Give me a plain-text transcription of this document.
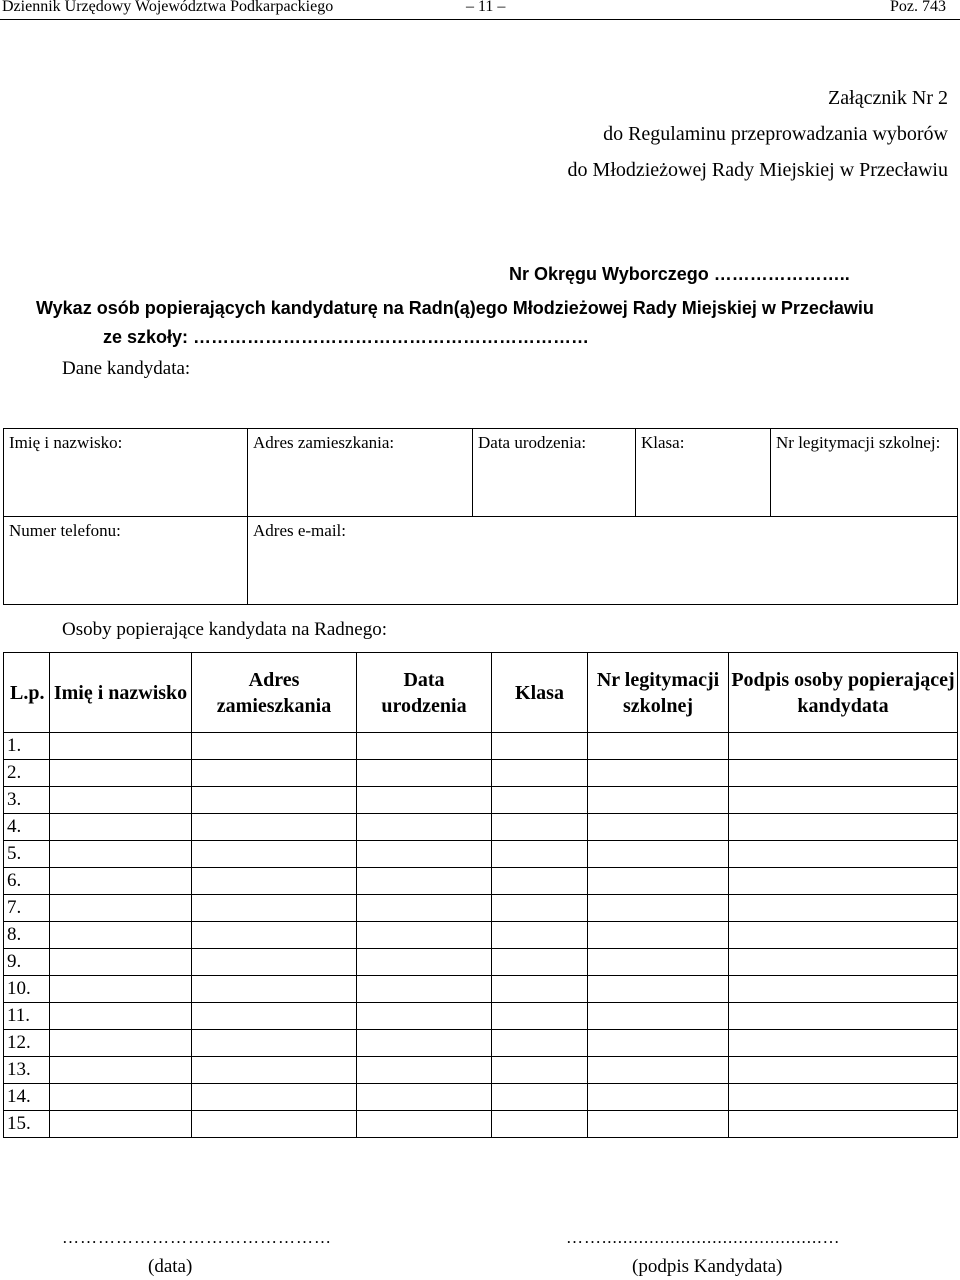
Dziennik Urzędowy Województwa Podkarpackiego	– 11 –	Poz. 743
Załącznik Nr 2
do Regulaminu przeprowadzania wyborów
do Młodzieżowej Rady Miejskiej w Przecławiu
Nr Okręgu Wyborczego …………………..
Wykaz osób popierających kandydaturę na Radn(ą)ego Młodzieżowej Rady Miejskiej w Przecławiu
ze szkoły: …………………………………………………………
Dane kandydata:
Imię i nazwisko:	Adres zamieszkania:	Data urodzenia:	Klasa:	Nr legitymacji szkolnej:
Numer telefonu:	Adres e-mail:			
Osoby popierające kandydata na Radnego:
L.p.	Imię i nazwisko	Adres zamieszkania	Data urodzenia	Klasa	Nr legitymacji szkolnej	Podpis osoby popierającej kandydata
1.						
2.						
3.						
4.						
5.						
6.						
7.						
8.						
9.						
10.						
11.						
12.						
13.						
14.						
15.						
………………………………………
(data)
……..........................................…
(podpis Kandydata)
